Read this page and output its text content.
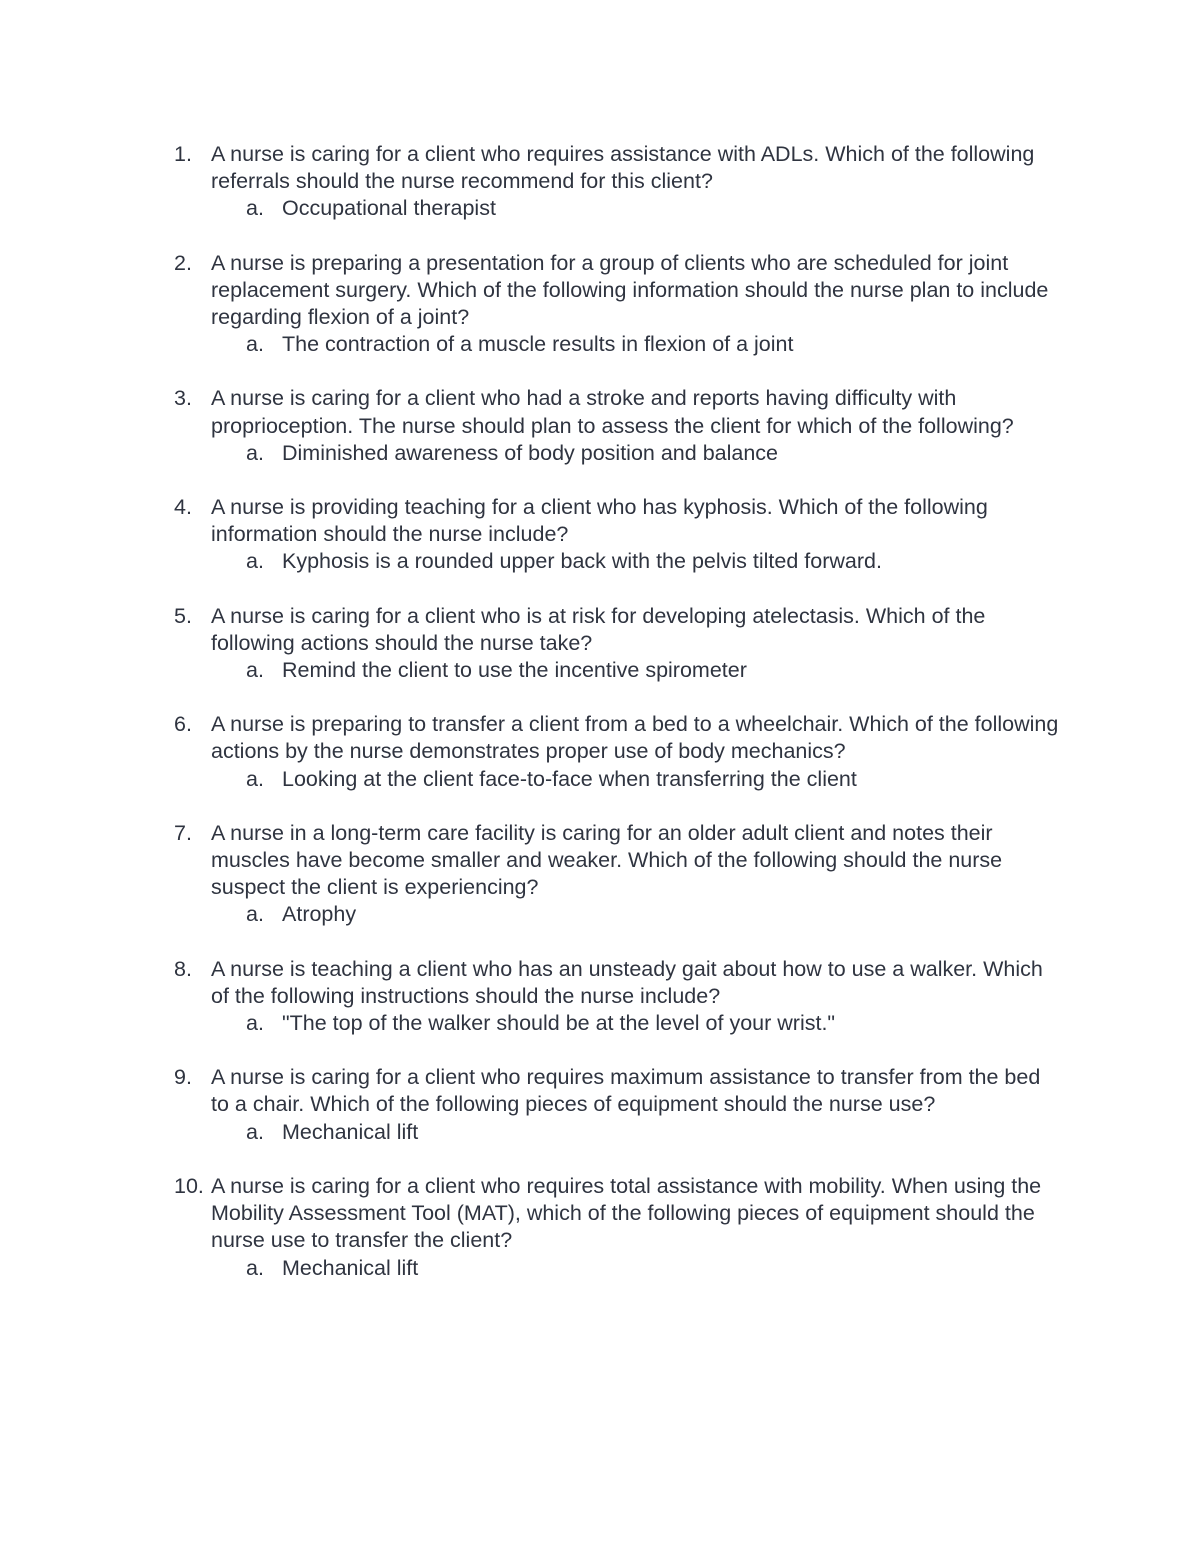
1. A nurse is caring for a client who requires assistance with ADLs. Which of the following referrals should the nurse recommend for this client?
a. Occupational therapist
2. A nurse is preparing a presentation for a group of clients who are scheduled for joint replacement surgery. Which of the following information should the nurse plan to include regarding flexion of a joint?
a. The contraction of a muscle results in flexion of a joint
3. A nurse is caring for a client who had a stroke and reports having difficulty with proprioception. The nurse should plan to assess the client for which of the following?
a. Diminished awareness of body position and balance
4. A nurse is providing teaching for a client who has kyphosis. Which of the following information should the nurse include?
a. Kyphosis is a rounded upper back with the pelvis tilted forward.
5. A nurse is caring for a client who is at risk for developing atelectasis. Which of the following actions should the nurse take?
a. Remind the client to use the incentive spirometer
6. A nurse is preparing to transfer a client from a bed to a wheelchair. Which of the following actions by the nurse demonstrates proper use of body mechanics?
a. Looking at the client face-to-face when transferring the client
7. A nurse in a long-term care facility is caring for an older adult client and notes their muscles have become smaller and weaker. Which of the following should the nurse suspect the client is experiencing?
a. Atrophy
8. A nurse is teaching a client who has an unsteady gait about how to use a walker. Which of the following instructions should the nurse include?
a. "The top of the walker should be at the level of your wrist."
9. A nurse is caring for a client who requires maximum assistance to transfer from the bed to a chair. Which of the following pieces of equipment should the nurse use?
a. Mechanical lift
10. A nurse is caring for a client who requires total assistance with mobility. When using the Mobility Assessment Tool (MAT), which of the following pieces of equipment should the nurse use to transfer the client?
a. Mechanical lift
